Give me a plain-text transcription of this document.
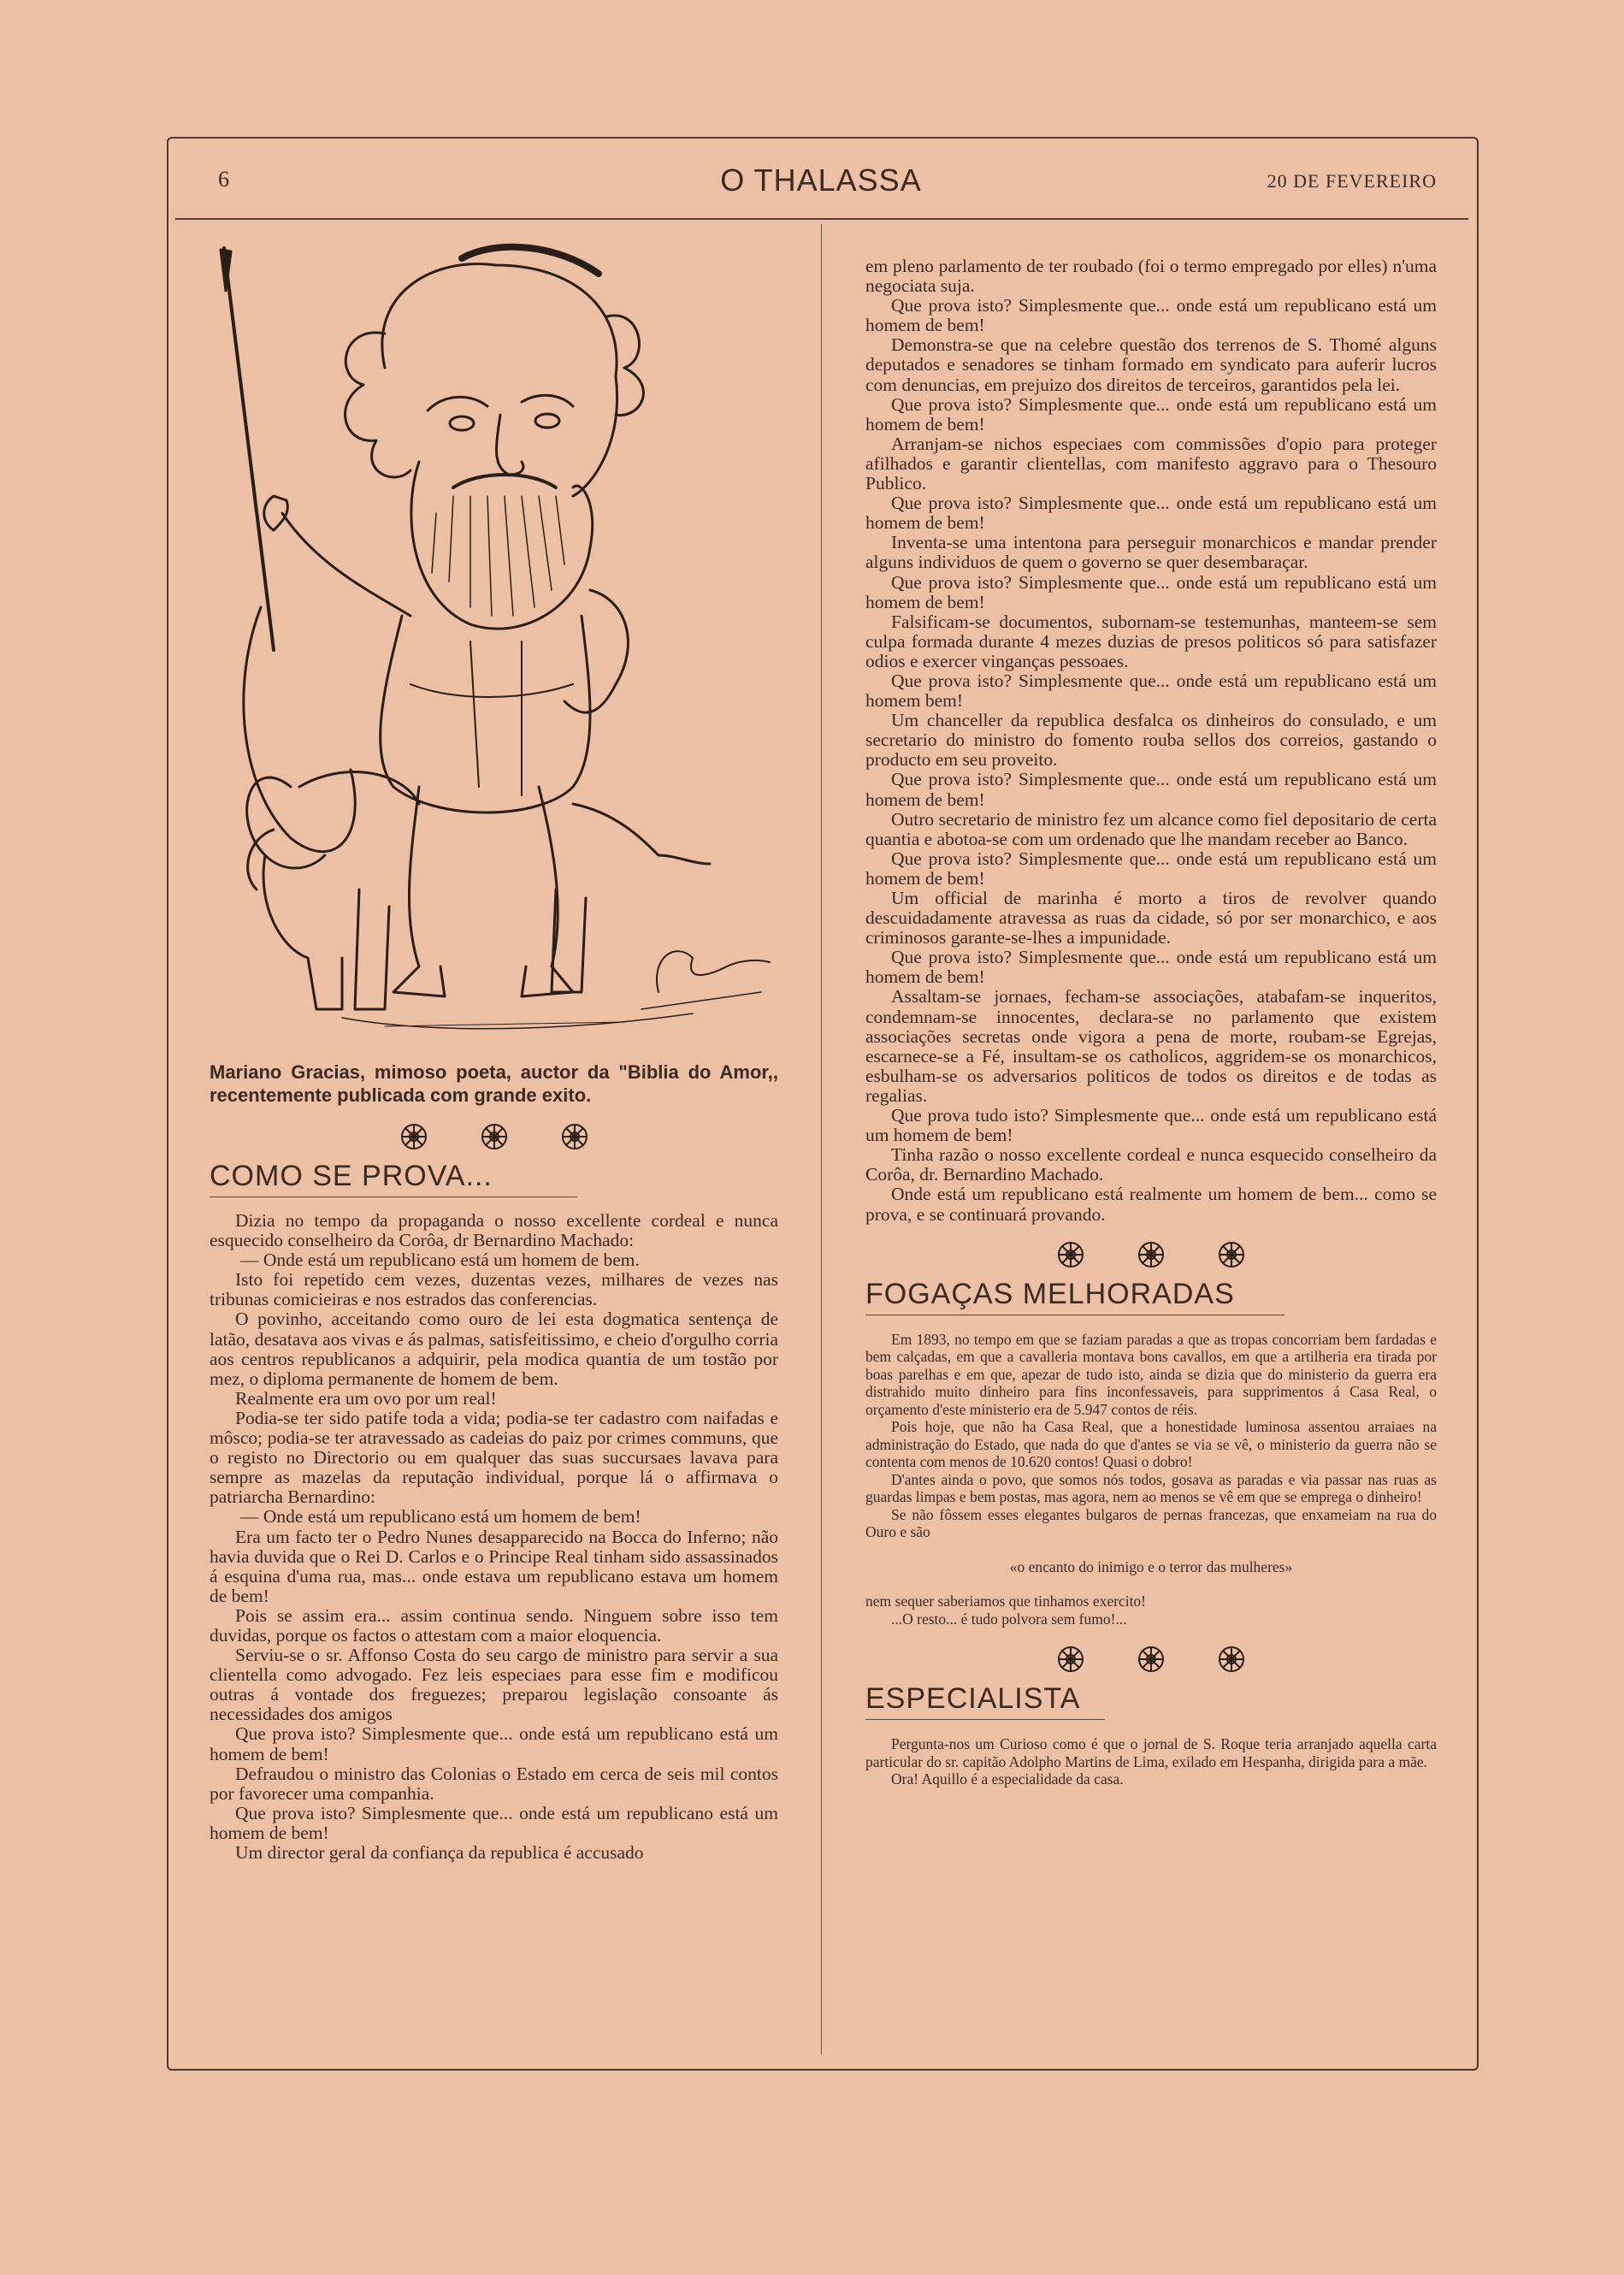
6	O THALASSA	20 DE FEVEREIRO

Mariano Gracias, mimoso poeta, auctor da "Biblia do Amor,, recentemente publicada com grande exito.

COMO SE PROVA...

Dizia no tempo da propaganda o nosso excellente cordeal e nunca esquecido conselheiro da Corôa, dr Bernardino Machado:

— Onde está um republicano está um homem de bem.

Isto foi repetido cem vezes, duzentas vezes, milhares de vezes nas tribunas comicieiras e nos estrados das conferencias.

O povinho, acceitando como ouro de lei esta dogmatica sentença de latão, desatava aos vivas e ás palmas, satisfeitissimo, e cheio d'orgulho corria aos centros republicanos a adquirir, pela modica quantia de um tostão por mez, o diploma permanente de homem de bem.

Realmente era um ovo por um real!

Podia-se ter sido patife toda a vida; podia-se ter cadastro com naifadas e môsco; podia-se ter atravessado as cadeias do paiz por crimes communs, que o registo no Directorio ou em qualquer das suas succursaes lavava para sempre as mazelas da reputação individual, porque lá o affirmava o patriarcha Bernardino:

— Onde está um republicano está um homem de bem!

Era um facto ter o Pedro Nunes desapparecido na Bocca do Inferno; não havia duvida que o Rei D. Carlos e o Principe Real tinham sido assassinados á esquina d'uma rua, mas... onde estava um republicano estava um homem de bem!

Pois se assim era... assim continua sendo. Ninguem sobre isso tem duvidas, porque os factos o attestam com a maior eloquencia.

Serviu-se o sr. Affonso Costa do seu cargo de ministro para servir a sua clientella como advogado. Fez leis especiaes para esse fim e modificou outras á vontade dos freguezes; preparou legislação consoante ás necessidades dos amigos

Que prova isto? Simplesmente que... onde está um republicano está um homem de bem!

Defraudou o ministro das Colonias o Estado em cerca de seis mil contos por favorecer uma companhia.

Que prova isto? Simplesmente que... onde está um republicano está um homem de bem!

Um director geral da confiança da republica é accusado

em pleno parlamento de ter roubado (foi o termo empregado por elles) n'uma negociata suja.

Que prova isto? Simplesmente que... onde está um republicano está um homem de bem!

Demonstra-se que na celebre questão dos terrenos de S. Thomé alguns deputados e senadores se tinham formado em syndicato para auferir lucros com denuncias, em prejuizo dos direitos de terceiros, garantidos pela lei.

Que prova isto? Simplesmente que... onde está um republicano está um homem de bem!

Arranjam-se nichos especiaes com commissões d'opio para proteger afilhados e garantir clientellas, com manifesto aggravo para o Thesouro Publico.

Que prova isto? Simplesmente que... onde está um republicano está um homem de bem!

Inventa-se uma intentona para perseguir monarchicos e mandar prender alguns individuos de quem o governo se quer desembaraçar.

Que prova isto? Simplesmente que... onde está um republicano está um homem de bem!

Falsificam-se documentos, subornam-se testemunhas, manteem-se sem culpa formada durante 4 mezes duzias de presos politicos só para satisfazer odios e exercer vinganças pessoaes.

Que prova isto? Simplesmente que... onde está um republicano está um homem bem!

Um chanceller da republica desfalca os dinheiros do consulado, e um secretario do ministro do fomento rouba sellos dos correios, gastando o producto em seu proveito.

Que prova isto? Simplesmente que... onde está um republicano está um homem de bem!

Outro secretario de ministro fez um alcance como fiel depositario de certa quantia e abotoa-se com um ordenado que lhe mandam receber ao Banco.

Que prova isto? Simplesmente que... onde está um republicano está um homem de bem!

Um official de marinha é morto a tiros de revolver quando descuidadamente atravessa as ruas da cidade, só por ser monarchico, e aos criminosos garante-se-lhes a impunidade.

Que prova isto? Simplesmente que... onde está um republicano está um homem de bem!

Assaltam-se jornaes, fecham-se associações, atabafam-se inqueritos, condemnam-se innocentes, declara-se no parlamento que existem associações secretas onde vigora a pena de morte, roubam-se Egrejas, escarnece-se a Fé, insultam-se os catholicos, aggridem-se os monarchicos, esbulham-se os adversarios politicos de todos os direitos e de todas as regalias.

Que prova tudo isto? Simplesmente que... onde está um republicano está um homem de bem!

Tinha razão o nosso excellente cordeal e nunca esquecido conselheiro da Corôa, dr. Bernardino Machado.

Onde está um republicano está realmente um homem de bem... como se prova, e se continuará provando.

FOGAÇAS MELHORADAS

Em 1893, no tempo em que se faziam paradas a que as tropas concorriam bem fardadas e bem calçadas, em que a cavalleria montava bons cavallos, em que a artilheria era tirada por boas parelhas e em que, apezar de tudo isto, ainda se dizia que do ministerio da guerra era distrahido muito dinheiro para fins inconfessaveis, para supprimentos á Casa Real, o orçamento d'este ministerio era de 5.947 contos de réis.

Pois hoje, que não ha Casa Real, que a honestidade luminosa assentou arraiaes na administração do Estado, que nada do que d'antes se via se vê, o ministerio da guerra não se contenta com menos de 10.620 contos! Quasi o dobro!

D'antes ainda o povo, que somos nós todos, gosava as paradas e via passar nas ruas as guardas limpas e bem postas, mas agora, nem ao menos se vê em que se emprega o dinheiro!

Se não fôssem esses elegantes bulgaros de pernas francezas, que enxameiam na rua do Ouro e são

«o encanto do inimigo e o terror das mulheres»

nem sequer saberiamos que tinhamos exercito!

...O resto... é tudo polvora sem fumo!...

ESPECIALISTA

Pergunta-nos um Curioso como é que o jornal de S. Roque teria arranjado aquella carta particular do sr. capitão Adolpho Martins de Lima, exilado em Hespanha, dirigida para a mãe.

Ora! Aquillo é a especialidade da casa.
